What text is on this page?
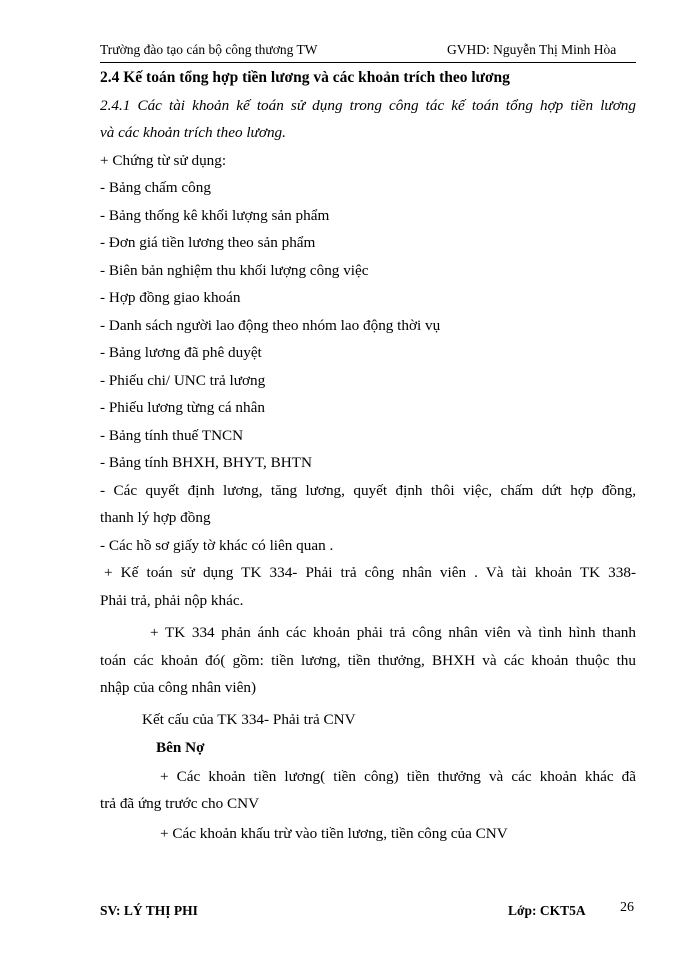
Trường đào tạo cán bộ công thương TW	GVHD: Nguyễn Thị Minh Hòa
2.4 Kế toán tổng hợp tiền lương và các khoản trích theo lương
2.4.1 Các tài khoản kế toán sử dụng trong công tác kế toán tổng hợp tiền lương
và các khoản trích theo lương.
+ Chứng từ sử dụng:
- Bảng chấm công
- Bảng thống kê khối lượng sản phẩm
- Đơn giá tiền lương theo sản phẩm
- Biên bản nghiệm thu khối lượng công việc
- Hợp đồng giao khoán
- Danh sách người lao động theo nhóm lao động thời vụ
- Bảng lương đã phê duyệt
- Phiếu chi/ UNC trả lương
- Phiếu lương từng cá nhân
- Bảng tính thuế TNCN
- Bảng tính BHXH, BHYT, BHTN
- Các quyết định lương, tăng lương, quyết định thôi việc, chấm dứt hợp đồng,
thanh lý hợp đồng
- Các hồ sơ giấy tờ khác có liên quan .
+ Kế toán sử dụng TK 334- Phải trả công nhân viên . Và tài khoản TK 338-
Phải trả, phải nộp khác.
+ TK 334 phản ánh các khoản phải trả công nhân viên và tình hình thanh
toán các khoản đó( gồm: tiền lương, tiền thưởng, BHXH và các khoản thuộc thu
nhập của công nhân viên)
Kết cấu của TK 334- Phải trả CNV
Bên Nợ
+ Các khoản tiền lương( tiền công) tiền thưởng và các khoản khác đã
trả đã ứng trước cho CNV
+ Các khoản khấu trừ vào tiền lương, tiền công của CNV
SV: LÝ THỊ PHI	Lớp: CKT5A 26
